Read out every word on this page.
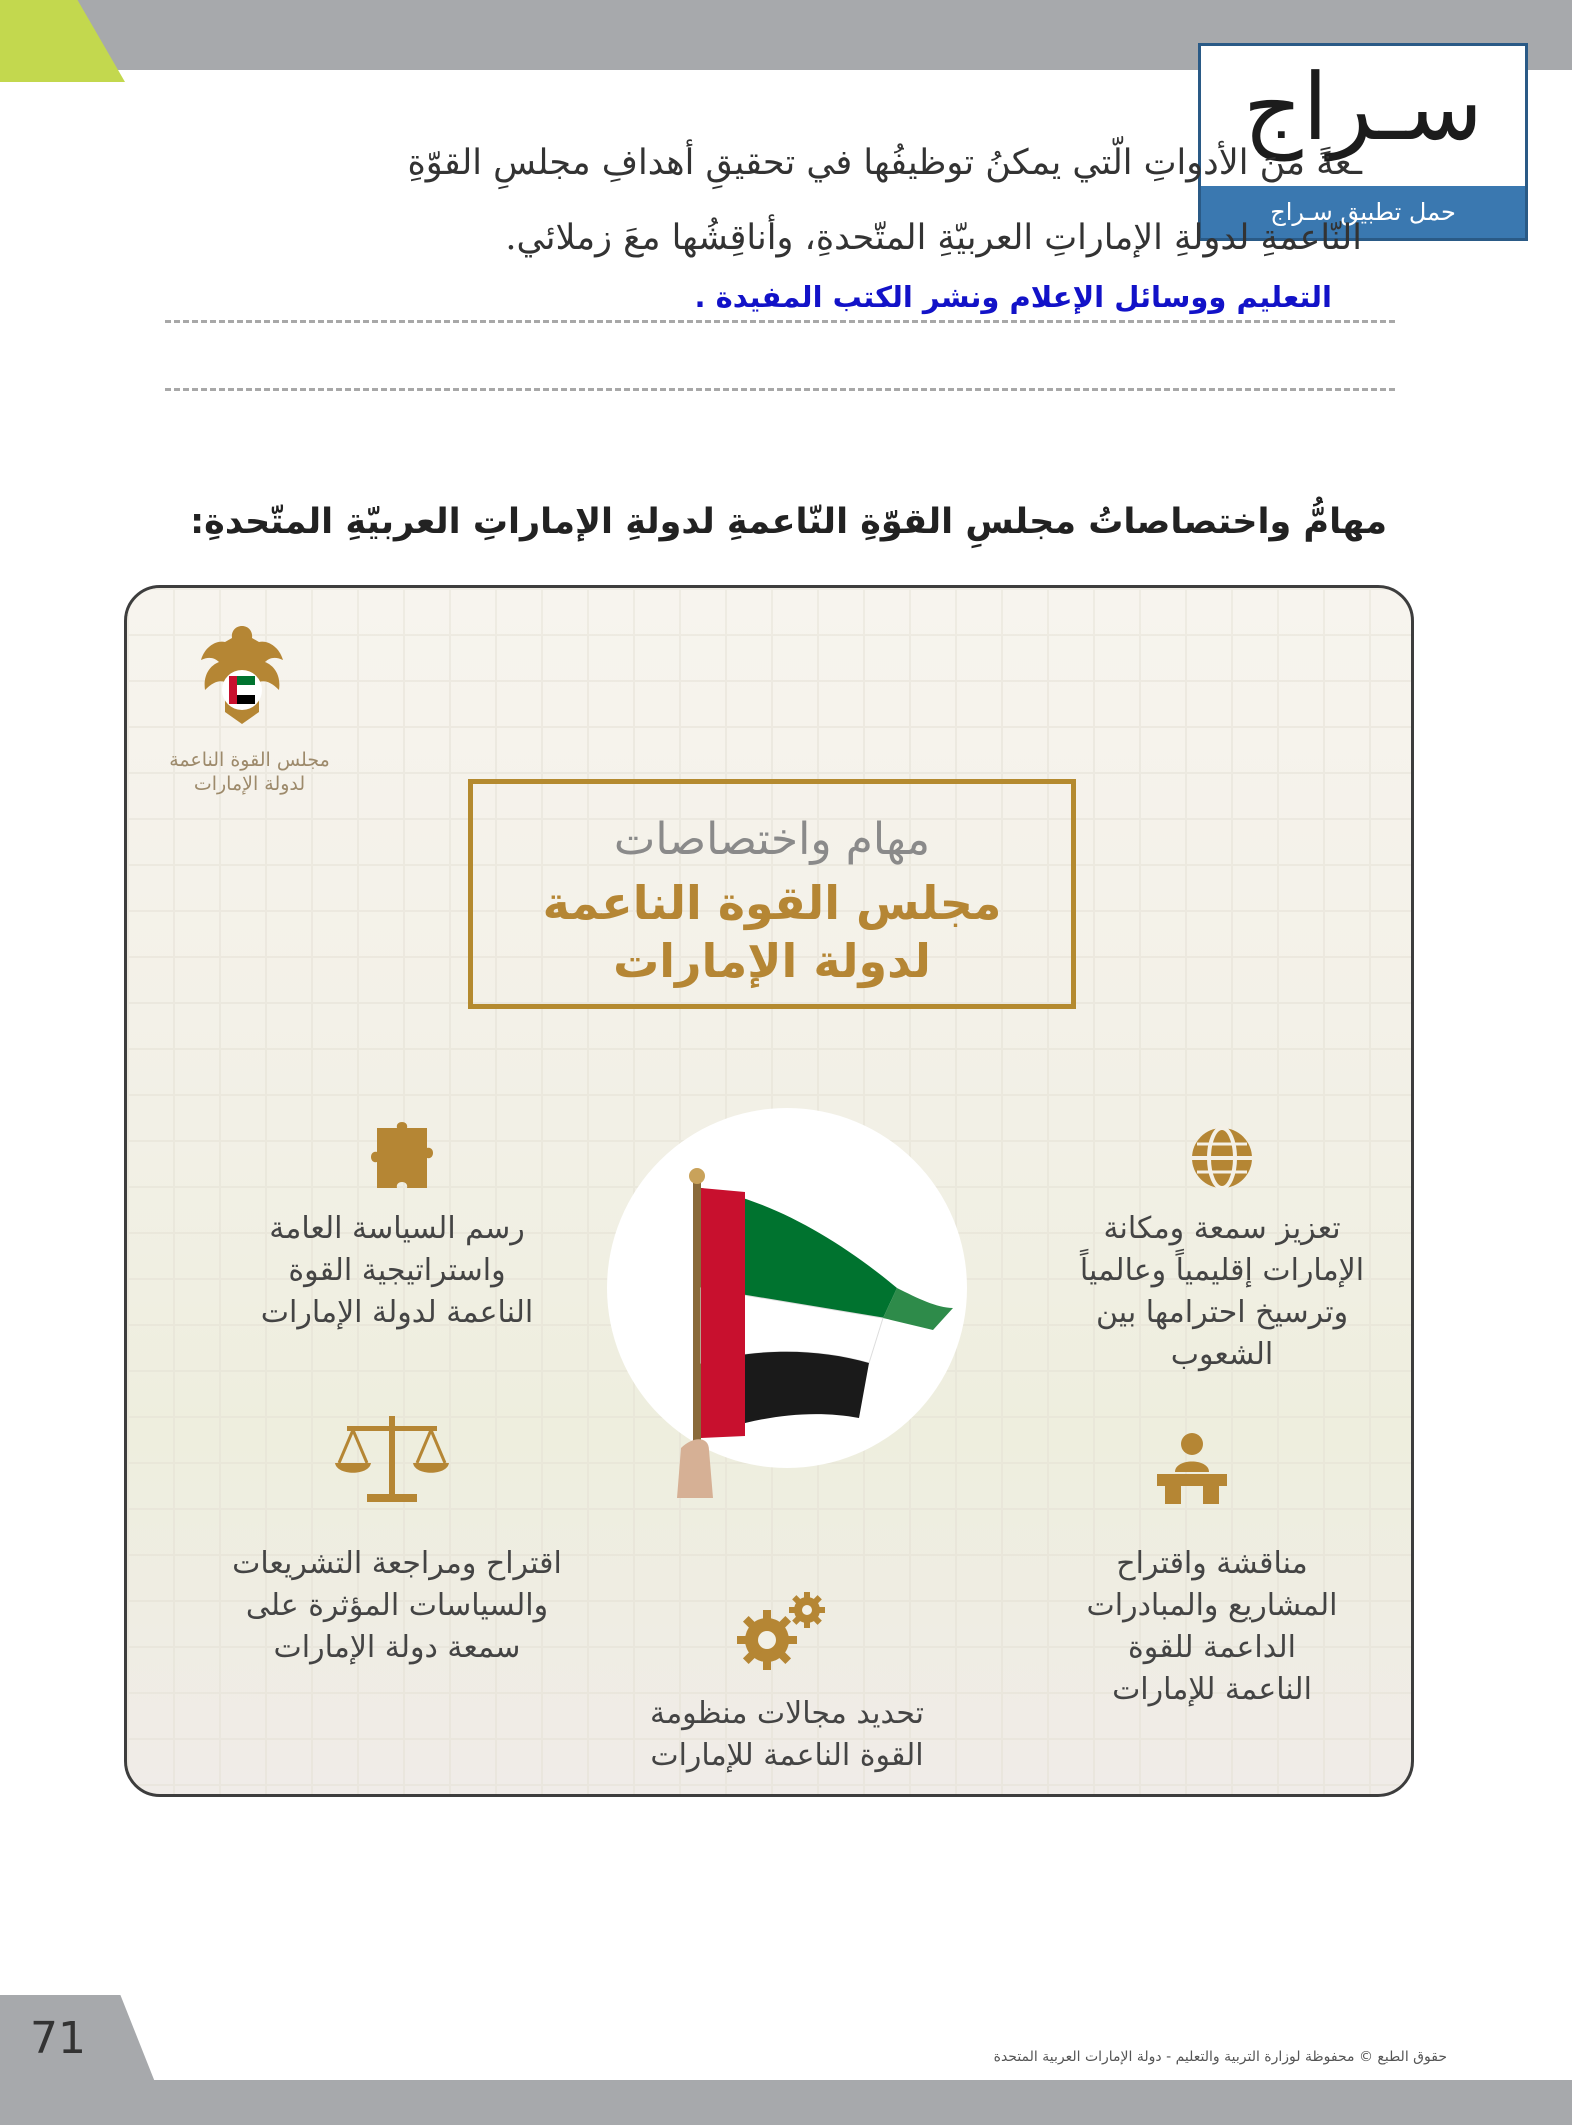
سـراج
حمل تطبيق سـراج
ـعةً منَ الأدواتِ الّتي يمكنُ توظيفُها في تحقيقِ أهدافِ مجلسِ القوّةِ
النّاعمةِ لدولةِ الإماراتِ العربيّةِ المتّحدةِ، وأناقِشُها معَ زملائي.
التعليم ووسائل الإعلام ونشر الكتب المفيدة .
مهامُّ واختصاصاتُ مجلسِ القوّةِ النّاعمةِ لدولةِ الإماراتِ العربيّةِ المتّحدةِ:
مجلس القوة الناعمة
لدولة الإمارات
مهام واختصاصات
مجلس القوة الناعمة
لدولة الإمارات
تعزيز سمعة ومكانة
الإمارات إقليمياً وعالمياً
وترسيخ احترامها بين
الشعوب
رسم السياسة العامة
واستراتيجية القوة
الناعمة لدولة الإمارات
اقتراح ومراجعة التشريعات
والسياسات المؤثرة على
سمعة دولة الإمارات
مناقشة واقتراح
المشاريع والمبادرات
الداعمة للقوة
الناعمة للإمارات
تحديد مجالات منظومة
القوة الناعمة للإمارات
71	حقوق الطبع © محفوظة لوزارة التربية والتعليم - دولة الإمارات العربية المتحدة
